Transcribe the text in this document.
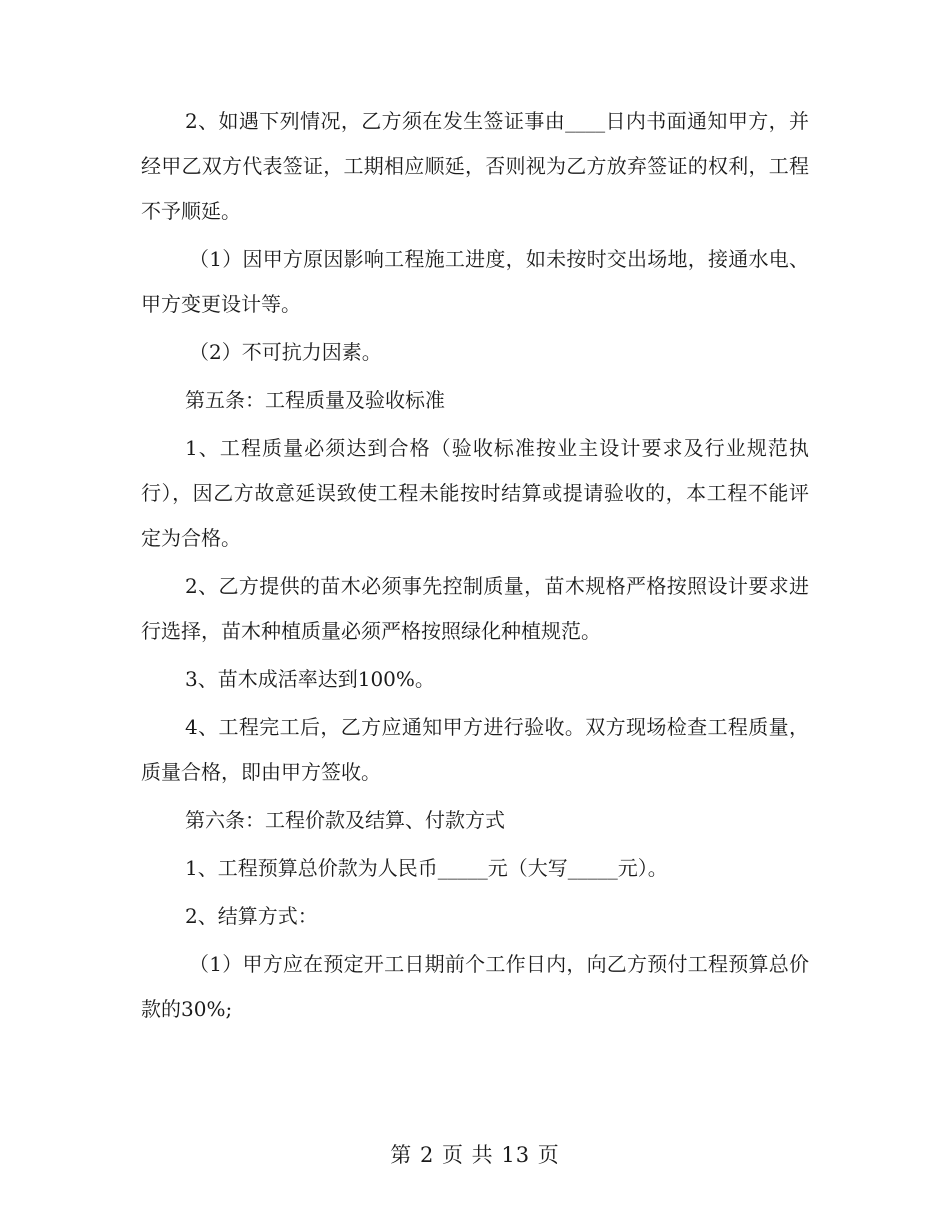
2、如遇下列情况，乙方须在发生签证事由____日内书面通知甲方，并经甲乙双方代表签证，工期相应顺延，否则视为乙方放弃签证的权利，工程不予顺延。

（1）因甲方原因影响工程施工进度，如未按时交出场地，接通水电、甲方变更设计等。

（2）不可抗力因素。

第五条：工程质量及验收标准

1、工程质量必须达到合格（验收标准按业主设计要求及行业规范执行），因乙方故意延误致使工程未能按时结算或提请验收的，本工程不能评定为合格。

2、乙方提供的苗木必须事先控制质量，苗木规格严格按照设计要求进行选择，苗木种植质量必须严格按照绿化种植规范。

3、苗木成活率达到100%。

4、工程完工后，乙方应通知甲方进行验收。双方现场检查工程质量，质量合格，即由甲方签收。

第六条：工程价款及结算、付款方式

1、工程预算总价款为人民币_____元（大写_____元）。

2、结算方式：

（1）甲方应在预定开工日期前个工作日内，向乙方预付工程预算总价款的30%;

第 2 页 共 13 页
